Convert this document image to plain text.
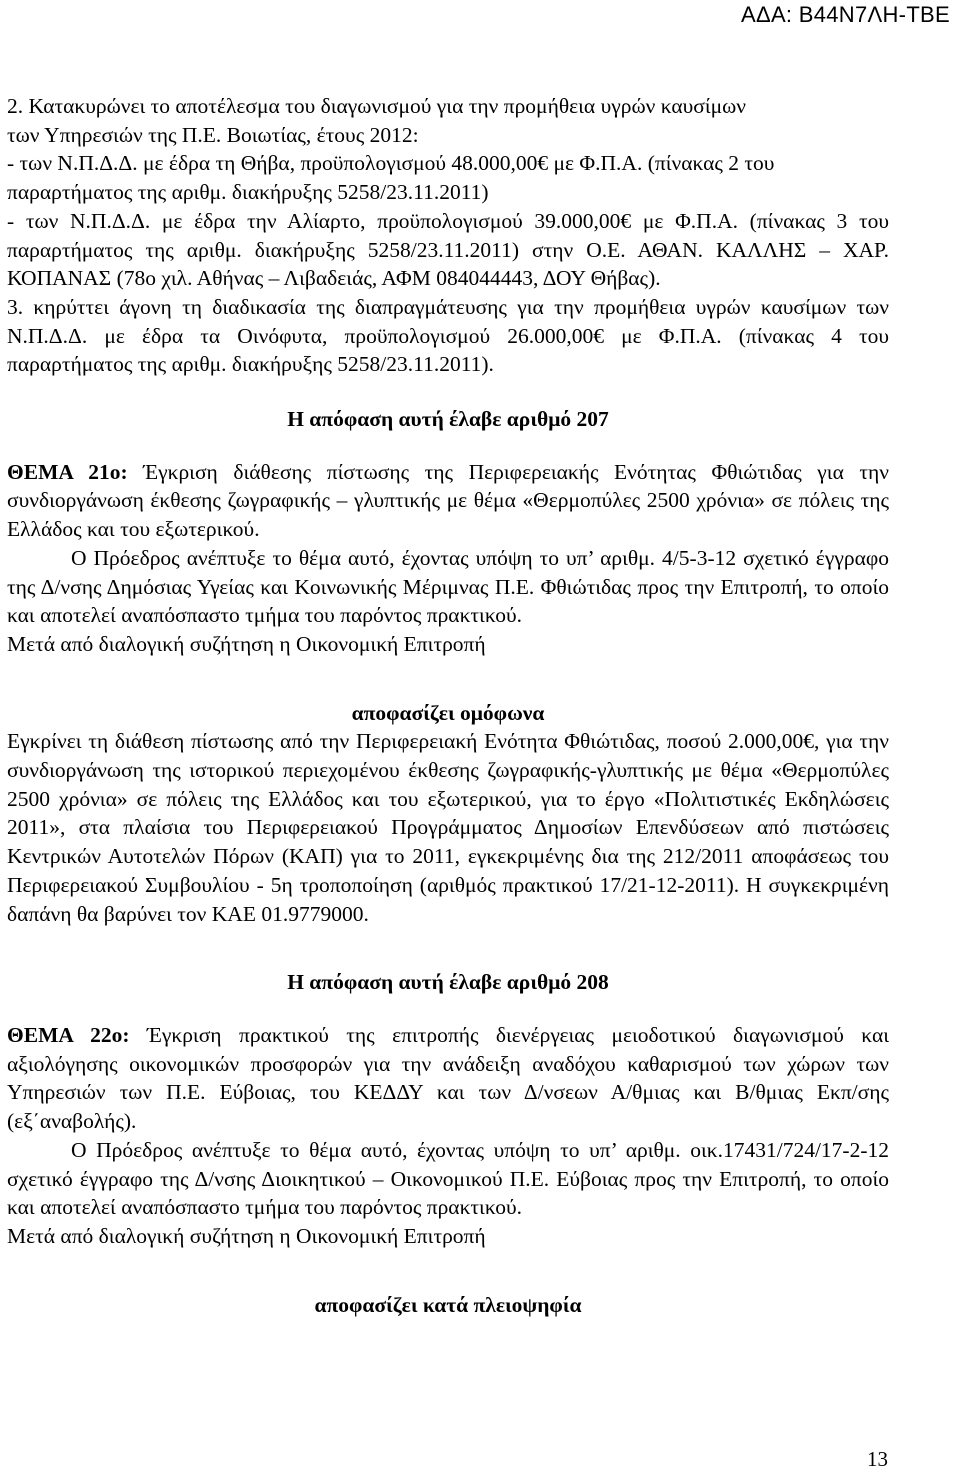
ΑΔΑ: Β44Ν7ΛΗ-ΤΒΕ

2. Κατακυρώνει το αποτέλεσμα του διαγωνισμού για την προμήθεια υγρών καυσίμων

των Υπηρεσιών της Π.Ε. Βοιωτίας, έτους 2012:

- των Ν.Π.Δ.Δ. με έδρα τη Θήβα, προϋπολογισμού 48.000,00€ με Φ.Π.Α. (πίνακας 2 του

παραρτήματος της αριθμ. διακήρυξης 5258/23.11.2011)

- των Ν.Π.Δ.Δ. με έδρα την Αλίαρτο, προϋπολογισμού 39.000,00€ με Φ.Π.Α. (πίνακας 3 του παραρτήματος της αριθμ. διακήρυξης 5258/23.11.2011) στην Ο.Ε. ΑΘΑΝ. ΚΑΛΛΗΣ – ΧΑΡ. ΚΟΠΑΝΑΣ (78ο χιλ. Αθήνας – Λιβαδειάς, ΑΦΜ 084044443, ΔΟΥ Θήβας).

3. κηρύττει άγονη τη διαδικασία της διαπραγμάτευσης για την προμήθεια υγρών καυσίμων των Ν.Π.Δ.Δ. με έδρα τα Οινόφυτα, προϋπολογισμού 26.000,00€ με Φ.Π.Α. (πίνακας 4 του παραρτήματος της αριθμ. διακήρυξης 5258/23.11.2011).

Η απόφαση αυτή έλαβε αριθμό 207

ΘΕΜΑ 21ο: Έγκριση διάθεσης πίστωσης της Περιφερειακής Ενότητας Φθιώτιδας για την συνδιοργάνωση έκθεσης ζωγραφικής – γλυπτικής με θέμα «Θερμοπύλες 2500 χρόνια» σε πόλεις της Ελλάδος και του εξωτερικού.

Ο Πρόεδρος ανέπτυξε το θέμα αυτό, έχοντας υπόψη το υπ’ αριθμ. 4/5-3-12 σχετικό έγγραφο της Δ/νσης Δημόσιας Υγείας και Κοινωνικής Μέριμνας Π.Ε. Φθιώτιδας προς την Επιτροπή, το οποίο και αποτελεί αναπόσπαστο τμήμα του παρόντος πρακτικού.

Μετά από διαλογική συζήτηση η Οικονομική Επιτροπή

αποφασίζει ομόφωνα

Εγκρίνει τη διάθεση πίστωσης από την Περιφερειακή Ενότητα Φθιώτιδας, ποσού 2.000,00€, για την συνδιοργάνωση της ιστορικού περιεχομένου έκθεσης ζωγραφικής-γλυπτικής με θέμα «Θερμοπύλες 2500 χρόνια» σε πόλεις της Ελλάδος και του εξωτερικού, για το έργο «Πολιτιστικές Εκδηλώσεις 2011», στα πλαίσια του Περιφερειακού Προγράμματος Δημοσίων Επενδύσεων από πιστώσεις Κεντρικών Αυτοτελών Πόρων (ΚΑΠ) για το 2011, εγκεκριμένης δια της 212/2011 αποφάσεως του Περιφερειακού Συμβουλίου - 5η τροποποίηση (αριθμός πρακτικού 17/21-12-2011). Η συγκεκριμένη δαπάνη θα βαρύνει τον ΚΑΕ 01.9779000.

Η απόφαση αυτή έλαβε αριθμό 208

ΘΕΜΑ 22ο: Έγκριση πρακτικού της επιτροπής διενέργειας μειοδοτικού διαγωνισμού και αξιολόγησης οικονομικών προσφορών για την ανάδειξη αναδόχου καθαρισμού των χώρων των Υπηρεσιών των Π.Ε. Εύβοιας, του ΚΕΔΔΥ και των Δ/νσεων Α/θμιας και Β/θμιας Εκπ/σης (εξ΄αναβολής).

Ο Πρόεδρος ανέπτυξε το θέμα αυτό, έχοντας υπόψη το υπ’ αριθμ. οικ.17431/724/17-2-12 σχετικό έγγραφο της Δ/νσης Διοικητικού – Οικονομικού Π.Ε. Εύβοιας προς την Επιτροπή, το οποίο και αποτελεί αναπόσπαστο τμήμα του παρόντος πρακτικού.

Μετά από διαλογική συζήτηση η Οικονομική Επιτροπή

αποφασίζει κατά πλειοψηφία

13
